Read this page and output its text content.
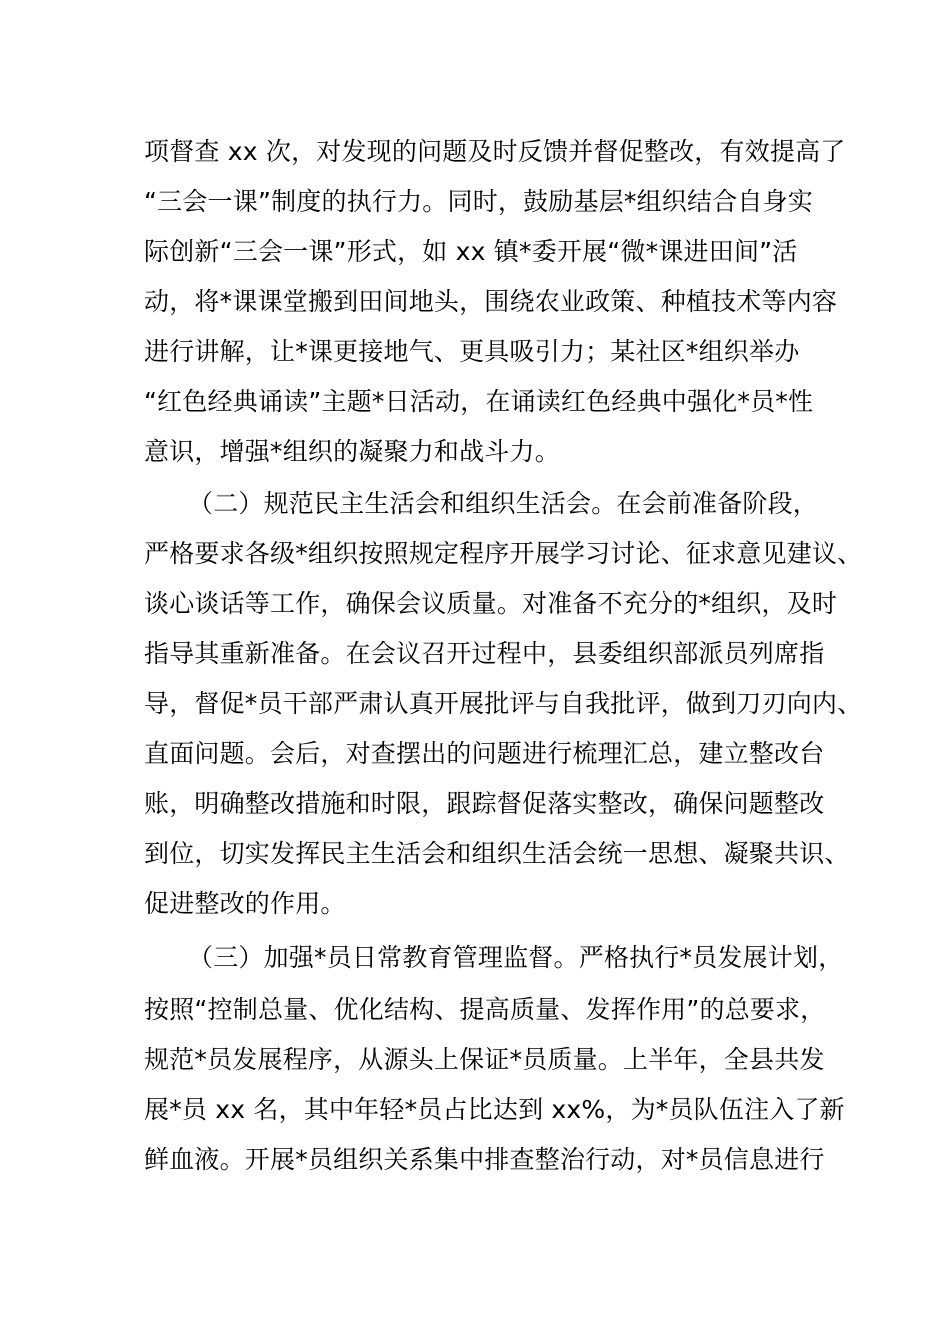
项督查 xx 次，对发现的问题及时反馈并督促整改，有效提高了
“三会一课”制度的执行力。同时，鼓励基层*组织结合自身实
际创新“三会一课”形式，如 xx 镇*委开展“微*课进田间”活
动，将*课课堂搬到田间地头，围绕农业政策、种植技术等内容
进行讲解，让*课更接地气、更具吸引力；某社区*组织举办
“红色经典诵读”主题*日活动，在诵读红色经典中强化*员*性
意识，增强*组织的凝聚力和战斗力。
（二）规范民主生活会和组织生活会。在会前准备阶段，
严格要求各级*组织按照规定程序开展学习讨论、征求意见建议、
谈心谈话等工作，确保会议质量。对准备不充分的*组织，及时
指导其重新准备。在会议召开过程中，县委组织部派员列席指
导，督促*员干部严肃认真开展批评与自我批评，做到刀刃向内、
直面问题。会后，对查摆出的问题进行梳理汇总，建立整改台
账，明确整改措施和时限，跟踪督促落实整改，确保问题整改
到位，切实发挥民主生活会和组织生活会统一思想、凝聚共识、
促进整改的作用。
（三）加强*员日常教育管理监督。严格执行*员发展计划，
按照“控制总量、优化结构、提高质量、发挥作用”的总要求，
规范*员发展程序，从源头上保证*员质量。上半年，全县共发
展*员 xx 名，其中年轻*员占比达到 xx%，为*员队伍注入了新
鲜血液。开展*员组织关系集中排查整治行动，对*员信息进行
